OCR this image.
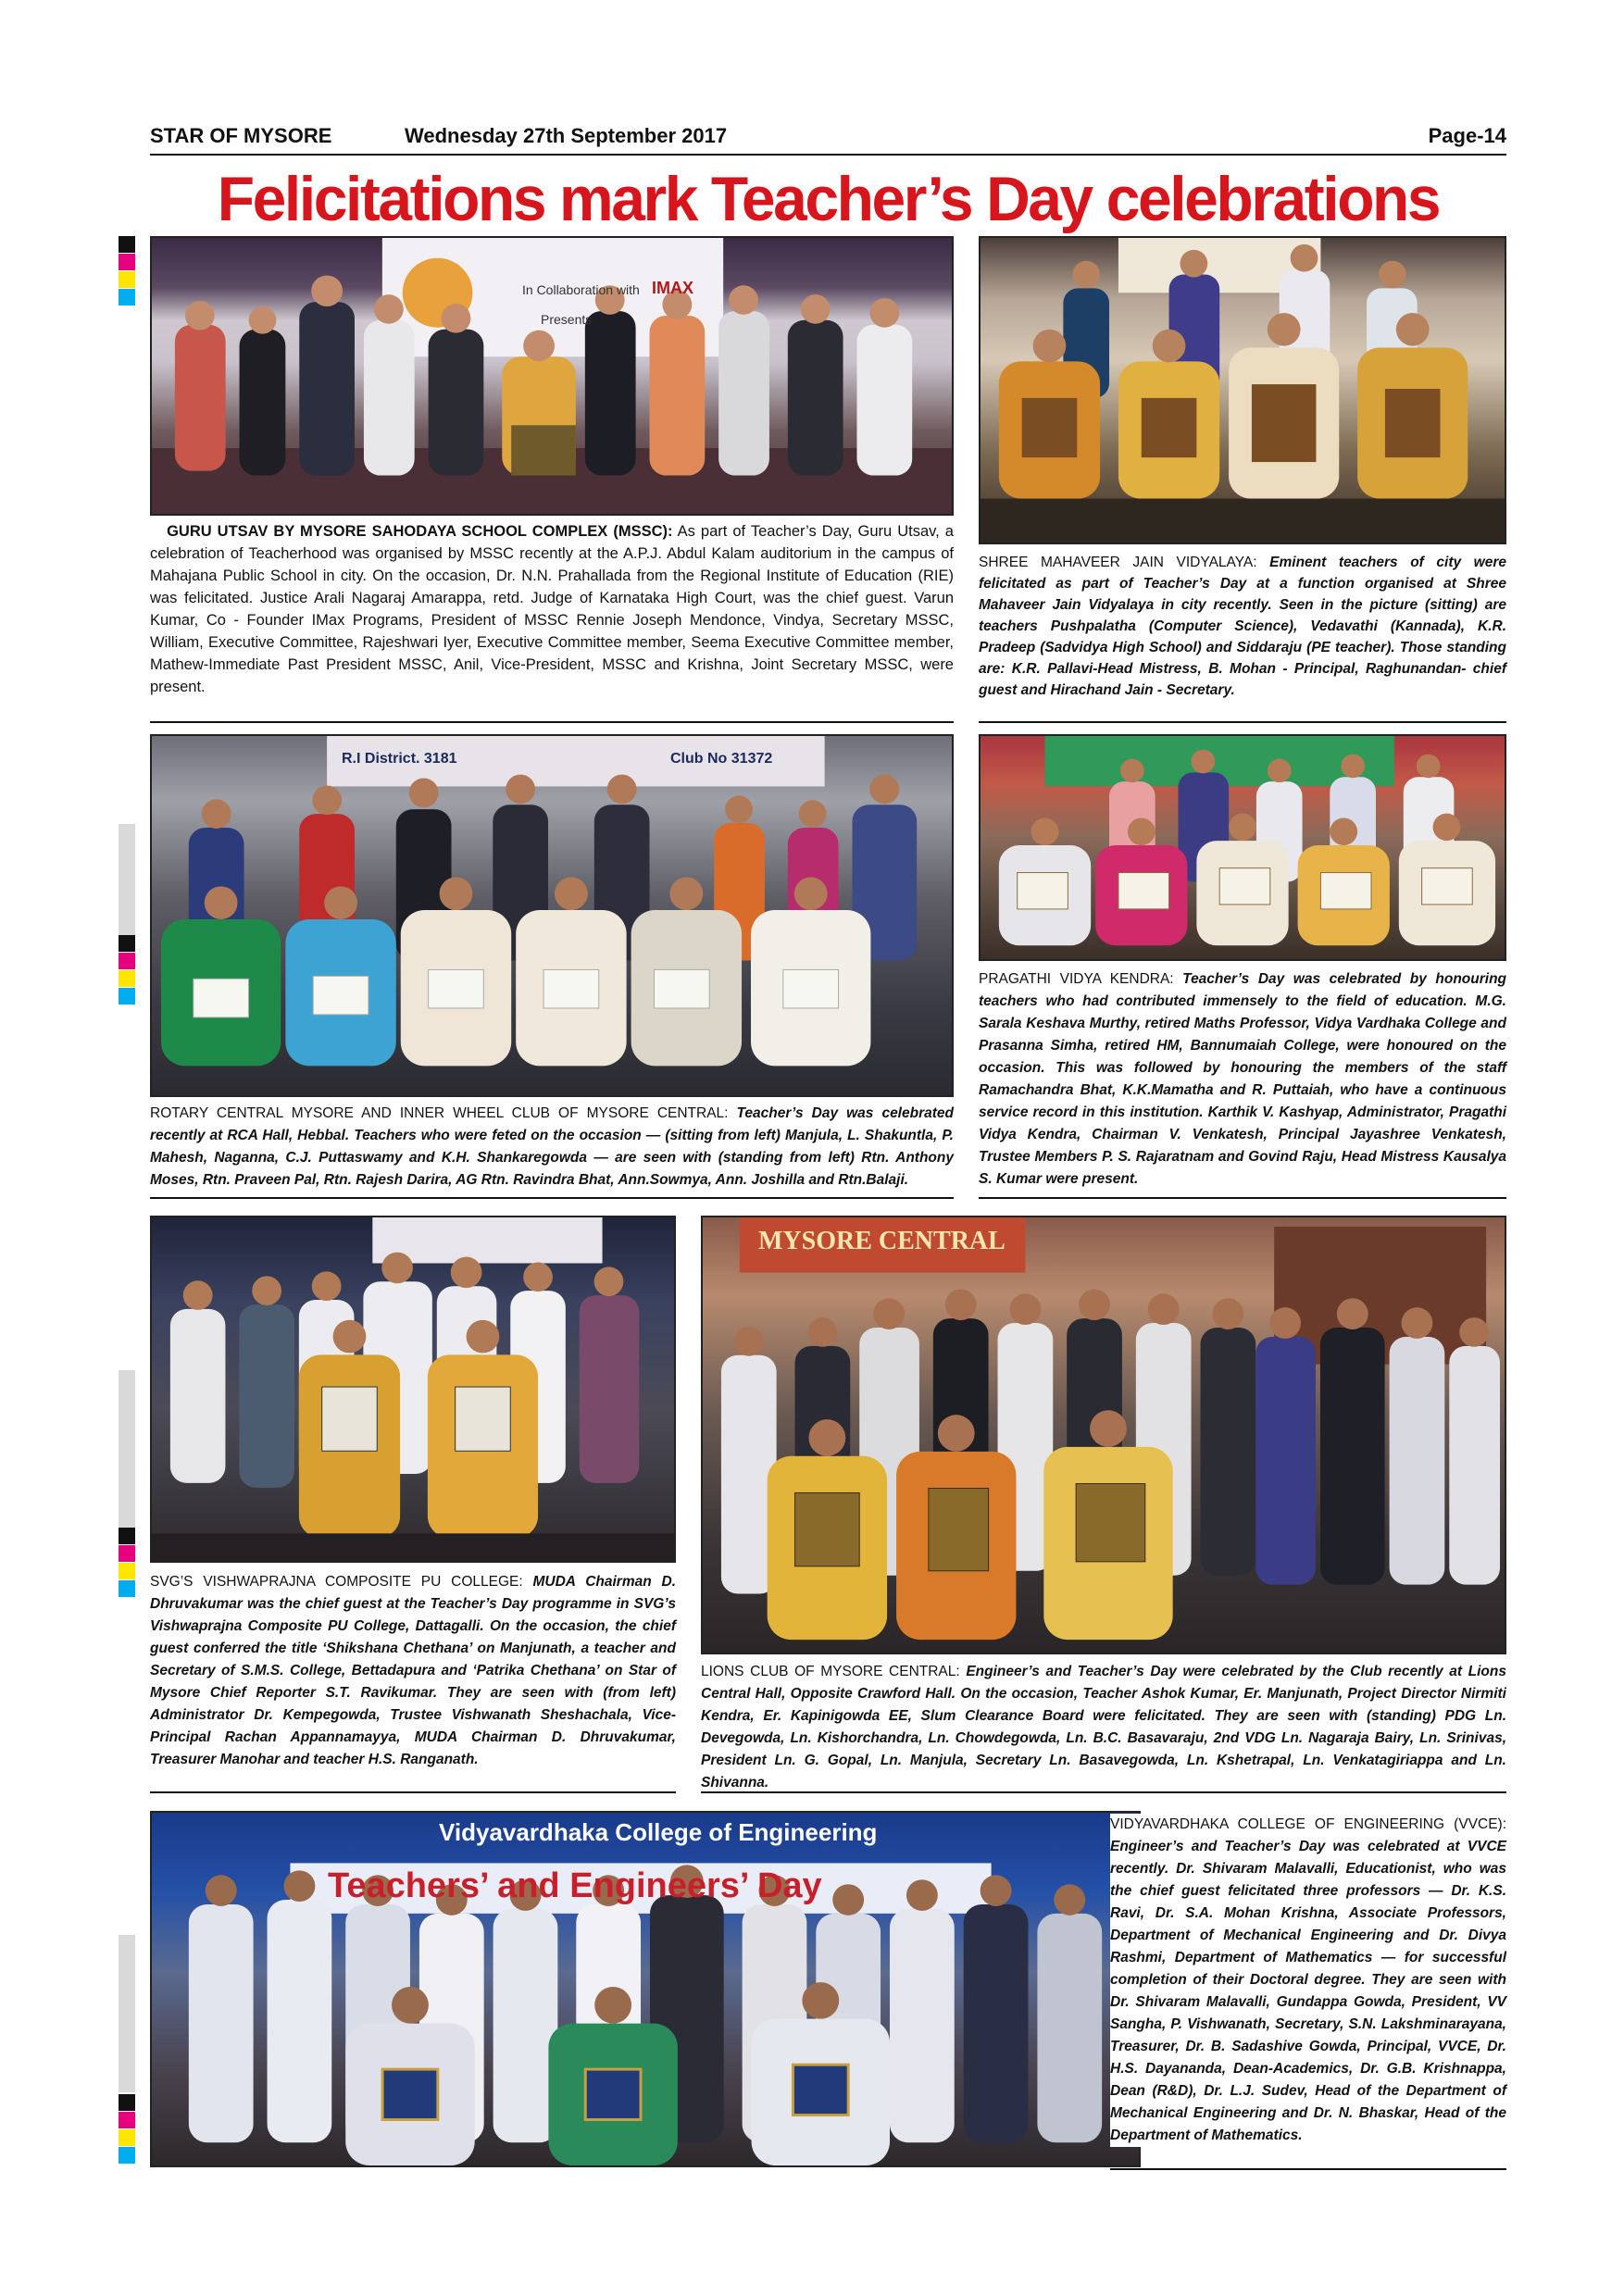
STAR OF MYSORE	Wednesday 27th September 2017	Page-14
Felicitations mark Teacher’s Day celebrations
In Collaboration with IMAX
Presents
GURU UTSAV BY MYSORE SAHODAYA SCHOOL COMPLEX (MSSC): As part of Teacher’s Day, Guru Utsav, a celebration of Teacherhood was organised by MSSC recently at the A.P.J. Abdul Kalam auditorium in the campus of Mahajana Public School in city. On the occasion, Dr. N.N. Prahallada from the Regional Institute of Education (RIE) was felicitated. Justice Arali Nagaraj Amarappa, retd. Judge of Karnataka High Court, was the chief guest. Varun Kumar, Co - Founder IMax Programs, President of MSSC Rennie Joseph Mendonce, Vindya, Secretary MSSC, William, Executive Committee, Rajeshwari Iyer, Executive Committee member, Seema Executive Committee member, Mathew-Immediate Past President MSSC, Anil, Vice-President, MSSC and Krishna, Joint Secretary MSSC, were present.
SHREE MAHAVEER JAIN VIDYALAYA: Eminent teachers of city were felicitated as part of Teacher’s Day at a function organised at Shree Mahaveer Jain Vidyalaya in city recently. Seen in the picture (sitting) are teachers Pushpalatha (Computer Science), Vedavathi (Kannada), K.R. Pradeep (Sadvidya High School) and Siddaraju (PE teacher). Those standing are: K.R. Pallavi-Head Mistress, B. Mohan - Principal, Raghunandan- chief guest and Hirachand Jain - Secretary.
R.I District. 3181	Club No 31372
ROTARY CENTRAL MYSORE AND INNER WHEEL CLUB OF MYSORE CENTRAL: Teacher’s Day was celebrated recently at RCA Hall, Hebbal. Teachers who were feted on the occasion — (sitting from left) Manjula, L. Shakuntla, P. Mahesh, Naganna, C.J. Puttaswamy and K.H. Shankaregowda — are seen with (standing from left) Rtn. Anthony Moses, Rtn. Praveen Pal, Rtn. Rajesh Darira, AG Rtn. Ravindra Bhat, Ann.Sowmya, Ann. Joshilla and Rtn.Balaji.
PRAGATHI VIDYA KENDRA: Teacher’s Day was celebrated by honouring teachers who had contributed immensely to the field of education. M.G. Sarala Keshava Murthy, retired Maths Professor, Vidya Vardhaka College and Prasanna Simha, retired HM, Bannumaiah College, were honoured on the occasion. This was followed by honouring the members of the staff Ramachandra Bhat, K.K.Mamatha and R. Puttaiah, who have a continuous service record in this institution. Karthik V. Kashyap, Administrator, Pragathi Vidya Kendra, Chairman V. Venkatesh, Principal Jayashree Venkatesh, Trustee Members P. S. Rajaratnam and Govind Raju, Head Mistress Kausalya S. Kumar were present.
SVG’S VISHWAPRAJNA COMPOSITE PU COLLEGE: MUDA Chairman D. Dhruvakumar was the chief guest at the Teacher’s Day programme in SVG’s Vishwaprajna Composite PU College, Dattagalli. On the occasion, the chief guest conferred the title ‘Shikshana Chethana’ on Manjunath, a teacher and Secretary of S.M.S. College, Bettadapura and ‘Patrika Chethana’ on Star of Mysore Chief Reporter S.T. Ravikumar. They are seen with (from left) Administrator Dr. Kempegowda, Trustee Vishwanath Sheshachala, Vice-Principal Rachan Appannamayya, MUDA Chairman D. Dhruvakumar, Treasurer Manohar and teacher H.S. Ranganath.
MYSORE CENTRAL
LIONS CLUB OF MYSORE CENTRAL: Engineer’s and Teacher’s Day were celebrated by the Club recently at Lions Central Hall, Opposite Crawford Hall. On the occasion, Teacher Ashok Kumar, Er. Manjunath, Project Director Nirmiti Kendra, Er. Kapinigowda EE, Slum Clearance Board were felicitated. They are seen with (standing) PDG Ln. Devegowda, Ln. Kishorchandra, Ln. Chowdegowda, Ln. B.C. Basavaraju, 2nd VDG Ln. Nagaraja Bairy, Ln. Srinivas, President Ln. G. Gopal, Ln. Manjula, Secretary Ln. Basavegowda, Ln. Kshetrapal, Ln. Venkatagiriappa and Ln. Shivanna.
Vidyavardhaka College of Engineering
Teachers’ and Engineers’ Day
VIDYAVARDHAKA COLLEGE OF ENGINEERING (VVCE): Engineer’s and Teacher’s Day was celebrated at VVCE recently. Dr. Shivaram Malavalli, Educationist, who was the chief guest felicitated three professors — Dr. K.S. Ravi, Dr. S.A. Mohan Krishna, Associate Professors, Department of Mechanical Engineering and Dr. Divya Rashmi, Department of Mathematics — for successful completion of their Doctoral degree. They are seen with Dr. Shivaram Malavalli, Gundappa Gowda, President, VV Sangha, P. Vishwanath, Secretary, S.N. Lakshminarayana, Treasurer, Dr. B. Sadashive Gowda, Principal, VVCE, Dr. H.S. Dayananda, Dean-Academics, Dr. G.B. Krishnappa, Dean (R&D), Dr. L.J. Sudev, Head of the Department of Mechanical Engineering and Dr. N. Bhaskar, Head of the Department of Mathematics.
